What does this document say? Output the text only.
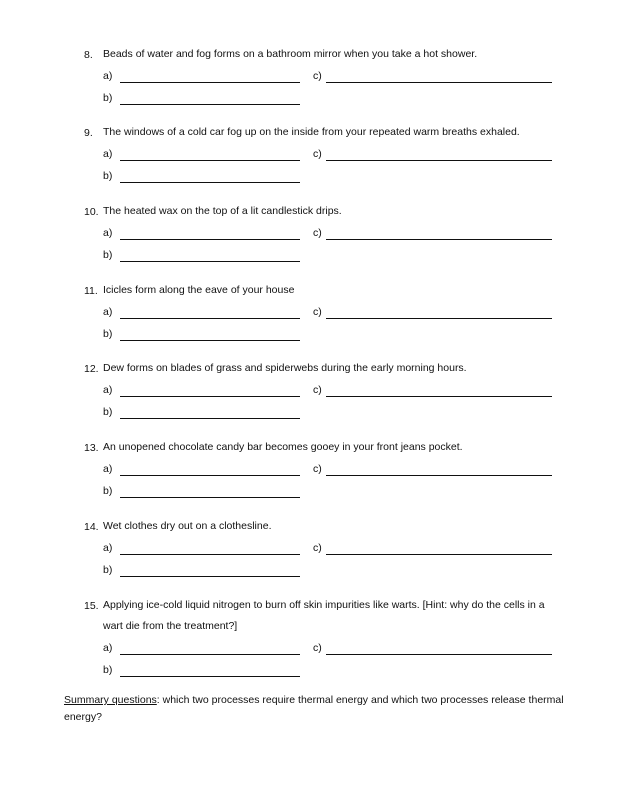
8. Beads of water and fog forms on a bathroom mirror when you take a hot shower.
a)	c)
b)
9. The windows of a cold car fog up on the inside from your repeated warm breaths exhaled.
a)	c)
b)
10. The heated wax on the top of a lit candlestick drips.
a)	c)
b)
11. Icicles form along the eave of your house
a)	c)
b)
12. Dew forms on blades of grass and spiderwebs during the early morning hours.
a)	c)
b)
13. An unopened chocolate candy bar becomes gooey in your front jeans pocket.
a)	c)
b)
14. Wet clothes dry out on a clothesline.
a)	c)
b)
15. Applying ice-cold liquid nitrogen to burn off skin impurities like warts. [Hint: why do the cells in a wart die from the treatment?]
a)	c)
b)
Summary questions: which two processes require thermal energy and which two processes release thermal energy?
